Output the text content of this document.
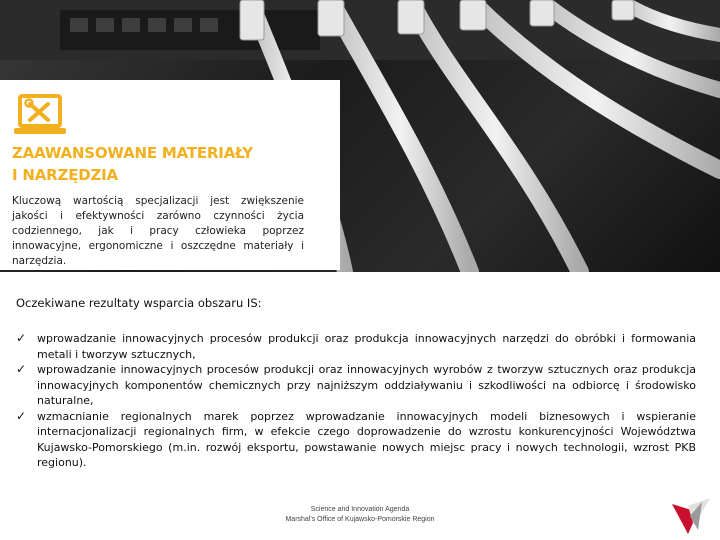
ZAAWANSOWANE MATERIAŁY
I NARZĘDZIA
Kluczową wartością specjalizacji jest zwiększenie jakości i efektywności zarówno czynności życia codziennego, jak i pracy człowieka poprzez innowacyjne, ergonomiczne i oszczędne materiały i narzędzia.
Oczekiwane rezultaty wsparcia obszaru IS:
✓ wprowadzanie innowacyjnych procesów produkcji oraz produkcja innowacyjnych narzędzi do obróbki i formowania metali i tworzyw sztucznych,
✓ wprowadzanie innowacyjnych procesów produkcji oraz innowacyjnych wyrobów z tworzyw sztucznych oraz produkcja innowacyjnych komponentów chemicznych przy najniższym oddziaływaniu i szkodliwości na odbiorcę i środowisko naturalne,
✓ wzmacnianie regionalnych marek poprzez wprowadzanie innowacyjnych modeli biznesowych i wspieranie internacjonalizacji regionalnych firm, w efekcie czego doprowadzenie do wzrostu konkurencyjności Województwa Kujawsko-Pomorskiego (m.in. rozwój eksportu, powstawanie nowych miejsc pracy i nowych technologii, wzrost PKB regionu).
Science and Innovation Agenda
Marshal's Office of Kujawsko-Pomorskie Region
